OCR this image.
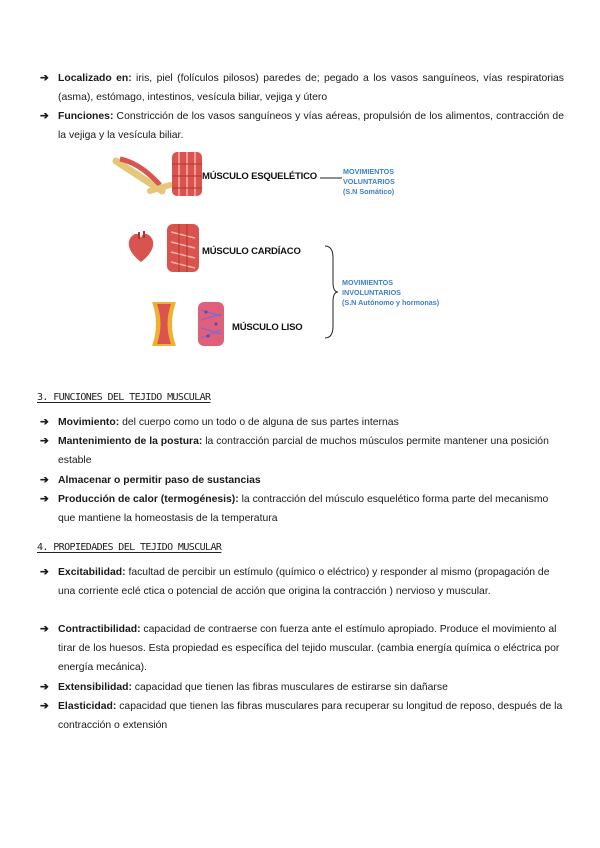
➔ Localizado en: iris, piel (folículos pilosos) paredes de; pegado a los vasos sanguíneos, vías respiratorias (asma), estómago, intestinos, vesícula biliar, vejiga y útero
➔ Funciones: Constricción de los vasos sanguíneos y vías aéreas, propulsión de los alimentos, contracción de la vejiga y la vesícula biliar.
MÚSCULO ESQUELÉTICO	MOVIMIENTOS
VOLUNTARIOS
(S.N Somático)
MÚSCULO CARDÍACO
MÚSCULO LISO
MOVIMIENTOS
INVOLUNTARIOS
(S.N Autónomo y hormonas)
3. FUNCIONES DEL TEJIDO MUSCULAR
➔ Movimiento: del cuerpo como un todo o de alguna de sus partes internas
➔ Mantenimiento de la postura: la contracción parcial de muchos músculos permite mantener una posición estable
➔ Almacenar o permitir paso de sustancias
➔ Producción de calor (termogénesis): la contracción del músculo esquelético forma parte del mecanismo que mantiene la homeostasis de la temperatura
4. PROPIEDADES DEL TEJIDO MUSCULAR
➔ Excitabilidad: facultad de percibir un estímulo (químico o eléctrico) y responder al mismo (propagación de una corriente eclé ctica o potencial de acción que origina la contracción ) nervioso y muscular.
➔ Contractibilidad: capacidad de contraerse con fuerza ante el estímulo apropiado. Produce el movimiento al tirar de los huesos. Esta propiedad es específica del tejido muscular. (cambia energía química o eléctrica por energía mecánica).
➔ Extensibilidad: capacidad que tienen las fibras musculares de estirarse sin dañarse
➔ Elasticidad: capacidad que tienen las fibras musculares para recuperar su longitud de reposo, después de la contracción o extensión
